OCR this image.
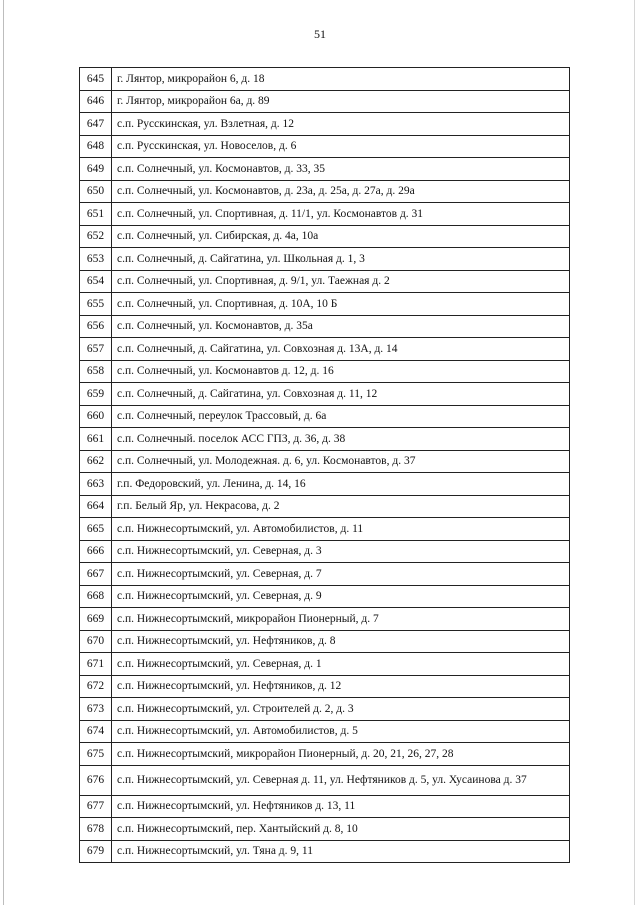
51
645	г. Лянтор, микрорайон 6, д. 18
646	г. Лянтор, микрорайон 6а, д. 89
647	с.п. Русскинская, ул. Взлетная, д. 12
648	с.п. Русскинская, ул. Новоселов, д. 6
649	с.п. Солнечный, ул. Космонавтов, д. 33, 35
650	с.п. Солнечный, ул. Космонавтов, д. 23а, д. 25а, д. 27а, д. 29а
651	с.п. Солнечный, ул. Спортивная, д. 11/1, ул. Космонавтов д. 31
652	с.п. Солнечный, ул. Сибирская, д. 4а, 10а
653	с.п. Солнечный, д. Сайгатина, ул. Школьная д. 1, 3
654	с.п. Солнечный, ул. Спортивная, д. 9/1, ул. Таежная д. 2
655	с.п. Солнечный, ул. Спортивная, д. 10А, 10 Б
656	с.п. Солнечный, ул. Космонавтов, д. 35а
657	с.п. Солнечный, д. Сайгатина, ул. Совхозная д. 13А, д. 14
658	с.п. Солнечный, ул. Космонавтов д. 12, д. 16
659	с.п. Солнечный, д. Сайгатина, ул. Совхозная д. 11, 12
660	с.п. Солнечный, переулок Трассовый, д. 6а
661	с.п. Солнечный. поселок АСС ГПЗ, д. 36, д. 38
662	с.п. Солнечный, ул. Молодежная. д. 6, ул. Космонавтов, д. 37
663	г.п. Федоровский, ул. Ленина, д. 14, 16
664	г.п. Белый Яр, ул. Некрасова, д. 2
665	с.п. Нижнесортымский, ул. Автомобилистов, д. 11
666	с.п. Нижнесортымский, ул. Северная, д. 3
667	с.п. Нижнесортымский, ул. Северная, д. 7
668	с.п. Нижнесортымский, ул. Северная, д. 9
669	с.п. Нижнесортымский, микрорайон Пионерный, д. 7
670	с.п. Нижнесортымский, ул. Нефтяников, д. 8
671	с.п. Нижнесортымский, ул. Северная, д. 1
672	с.п. Нижнесортымский, ул. Нефтяников, д. 12
673	с.п. Нижнесортымский, ул. Строителей д. 2, д. 3
674	с.п. Нижнесортымский, ул. Автомобилистов, д. 5
675	с.п. Нижнесортымский, микрорайон Пионерный, д. 20, 21, 26, 27, 28
676	с.п. Нижнесортымский, ул. Северная д. 11, ул. Нефтяников д. 5, ул. Хусаинова д. 37
677	с.п. Нижнесортымский, ул. Нефтяников д. 13, 11
678	с.п. Нижнесортымский, пер. Хантыйский д. 8, 10
679	с.п. Нижнесортымский, ул. Тяна д. 9, 11
